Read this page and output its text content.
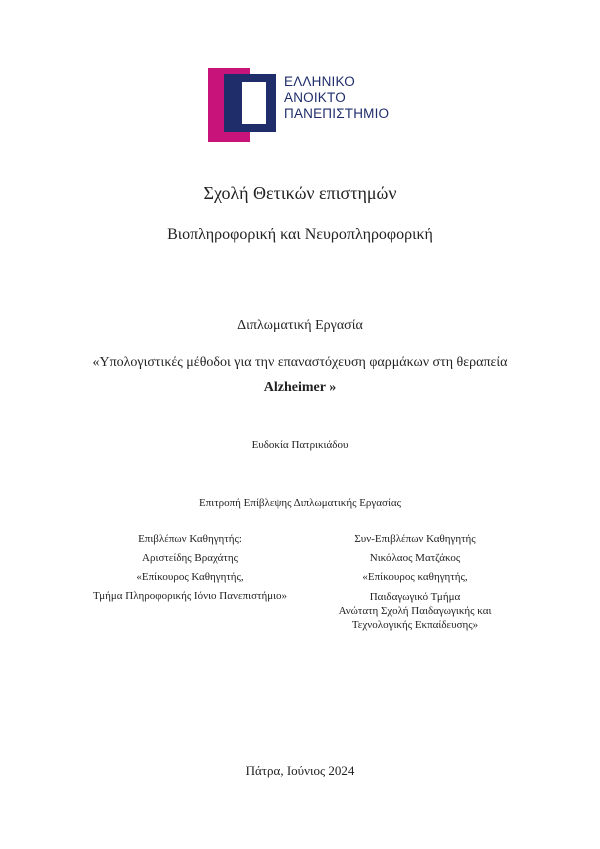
ΕΛΛΗΝΙΚΟ
ΑΝΟΙΚΤΟ
ΠΑΝΕΠΙΣΤΗΜΙΟ
Σχολή Θετικών επιστημών
Βιοπληροφορική και Νευροπληροφορική
Διπλωματική Εργασία
«Υπολογιστικές μέθοδοι για την επαναστόχευση φαρμάκων στη θεραπεία
Alzheimer »
Ευδοκία Πατρικιάδου
Επιτροπή Επίβλεψης Διπλωματικής Εργασίας
Επιβλέπων Καθηγητής:
Αριστείδης Βραχάτης
«Επίκουρος Καθηγητής,
Τμήμα Πληροφορικής Ιόνιο Πανεπιστήμιο»
Συν-Επιβλέπων Καθηγητής
Νικόλαος Ματζάκος
«Επίκουρος καθηγητής,
Παιδαγωγικό Τμήμα
Ανώτατη Σχολή Παιδαγωγικής και
Τεχνολογικής Εκπαίδευσης»
Πάτρα, Ιούνιος 2024
